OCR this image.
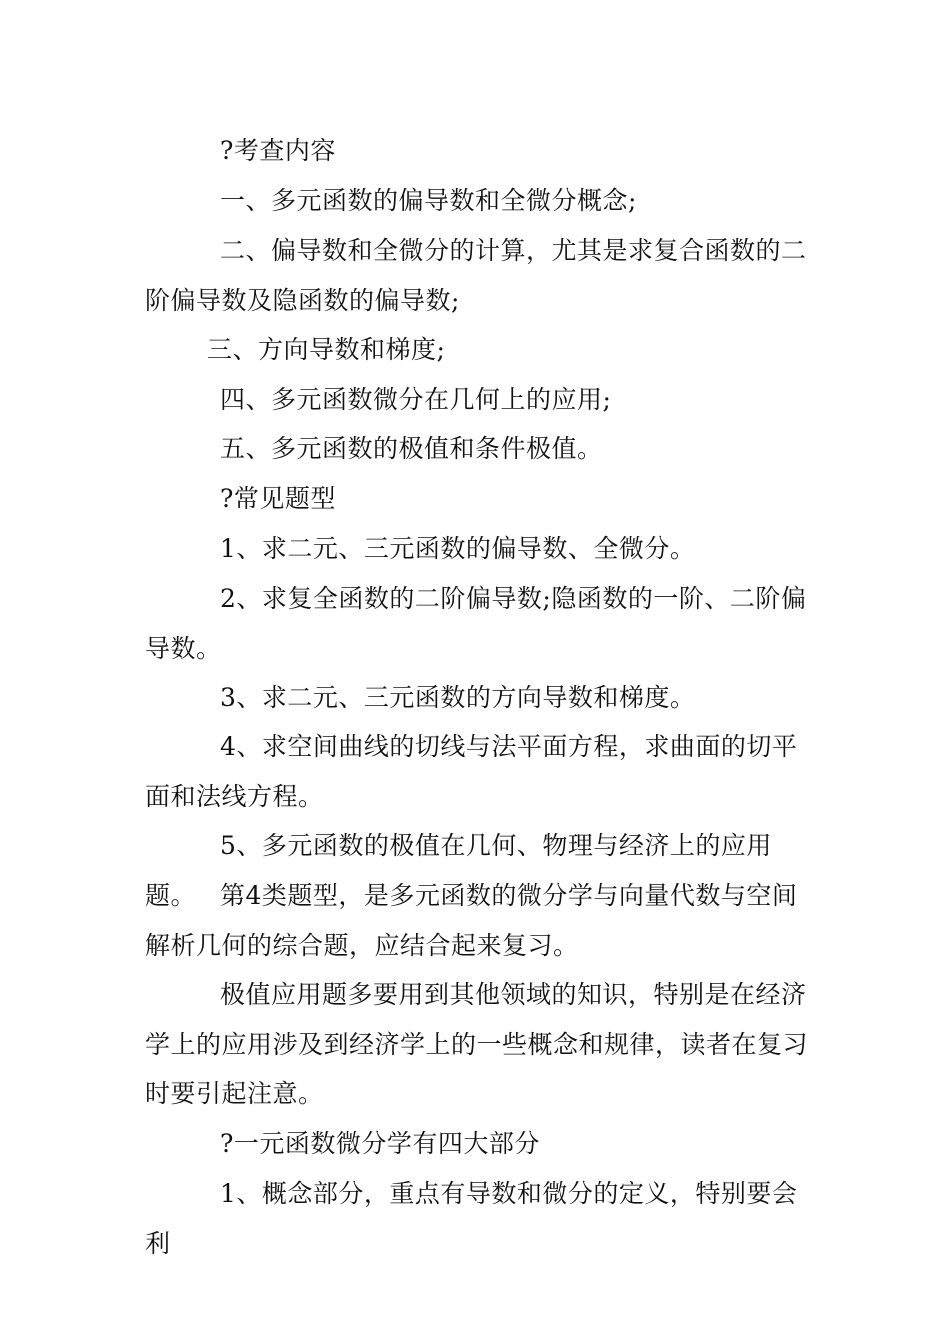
?考查内容

一、多元函数的偏导数和全微分概念;

二、偏导数和全微分的计算，尤其是求复合函数的二阶偏导数及隐函数的偏导数;

三、方向导数和梯度;

四、多元函数微分在几何上的应用;

五、多元函数的极值和条件极值。

?常见题型

1、求二元、三元函数的偏导数、全微分。

2、求复全函数的二阶偏导数;隐函数的一阶、二阶偏导数。

3、求二元、三元函数的方向导数和梯度。

4、求空间曲线的切线与法平面方程，求曲面的切平面和法线方程。

5、多元函数的极值在几何、物理与经济上的应用题。 第4类题型，是多元函数的微分学与向量代数与空间解析几何的综合题，应结合起来复习。

极值应用题多要用到其他领域的知识，特别是在经济学上的应用涉及到经济学上的一些概念和规律，读者在复习时要引起注意。

?一元函数微分学有四大部分

1、概念部分，重点有导数和微分的定义，特别要会利
